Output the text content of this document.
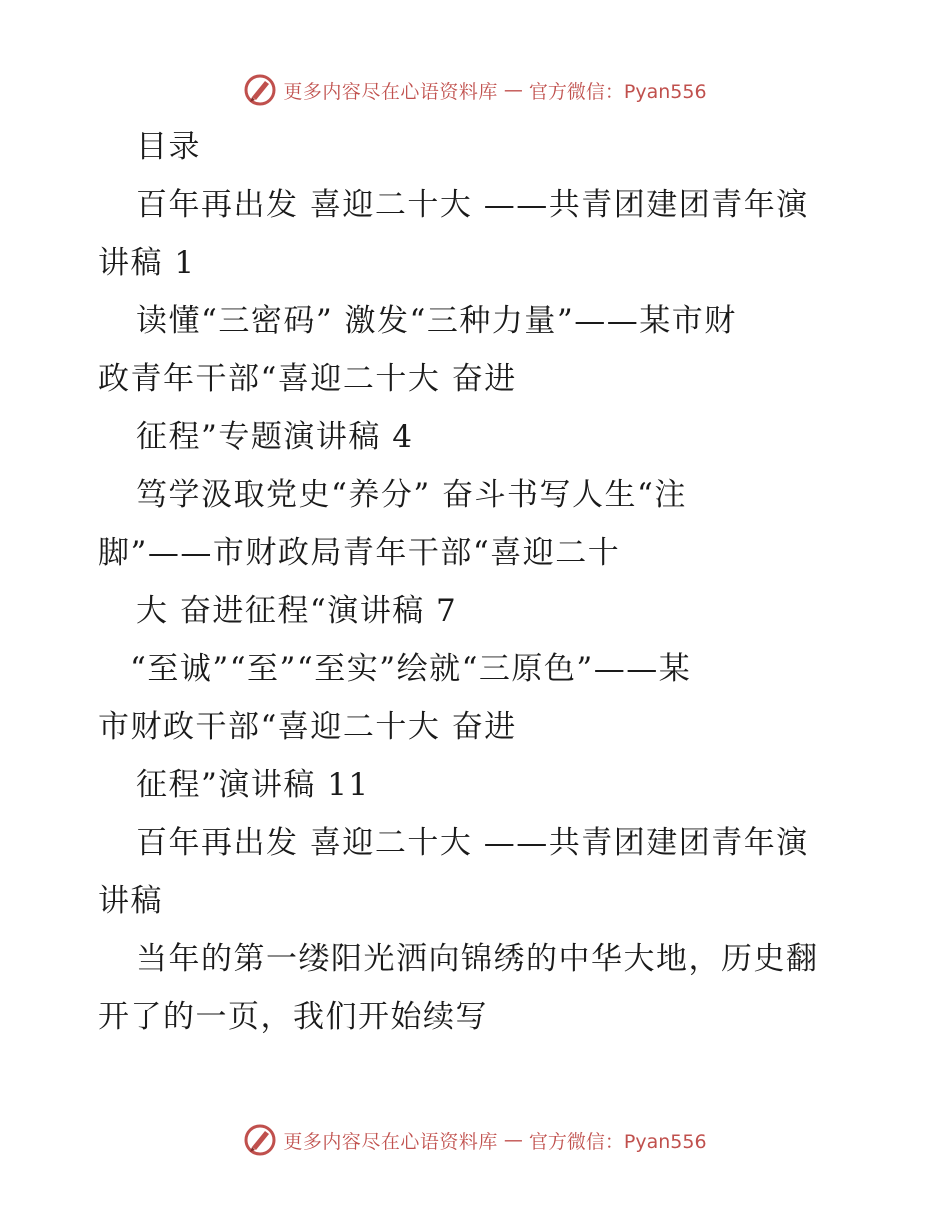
更多内容尽在心语资料库 — 官方微信：Pyan556
目录
百年再出发 喜迎二十大 ——共青团建团青年演
讲稿 1
读懂“三密码” 激发“三种力量”——某市财
政青年干部“喜迎二十大 奋进
征程”专题演讲稿 4
笃学汲取党史“养分” 奋斗书写人生“注
脚”——市财政局青年干部“喜迎二十
大 奋进征程“演讲稿 7
“至诚”“至”“至实”绘就“三原色”——某
市财政干部“喜迎二十大 奋进
征程”演讲稿 11
百年再出发 喜迎二十大 ——共青团建团青年演
讲稿
当年的第一缕阳光洒向锦绣的中华大地，历史翻
开了的一页，我们开始续写
更多内容尽在心语资料库 — 官方微信：Pyan556
